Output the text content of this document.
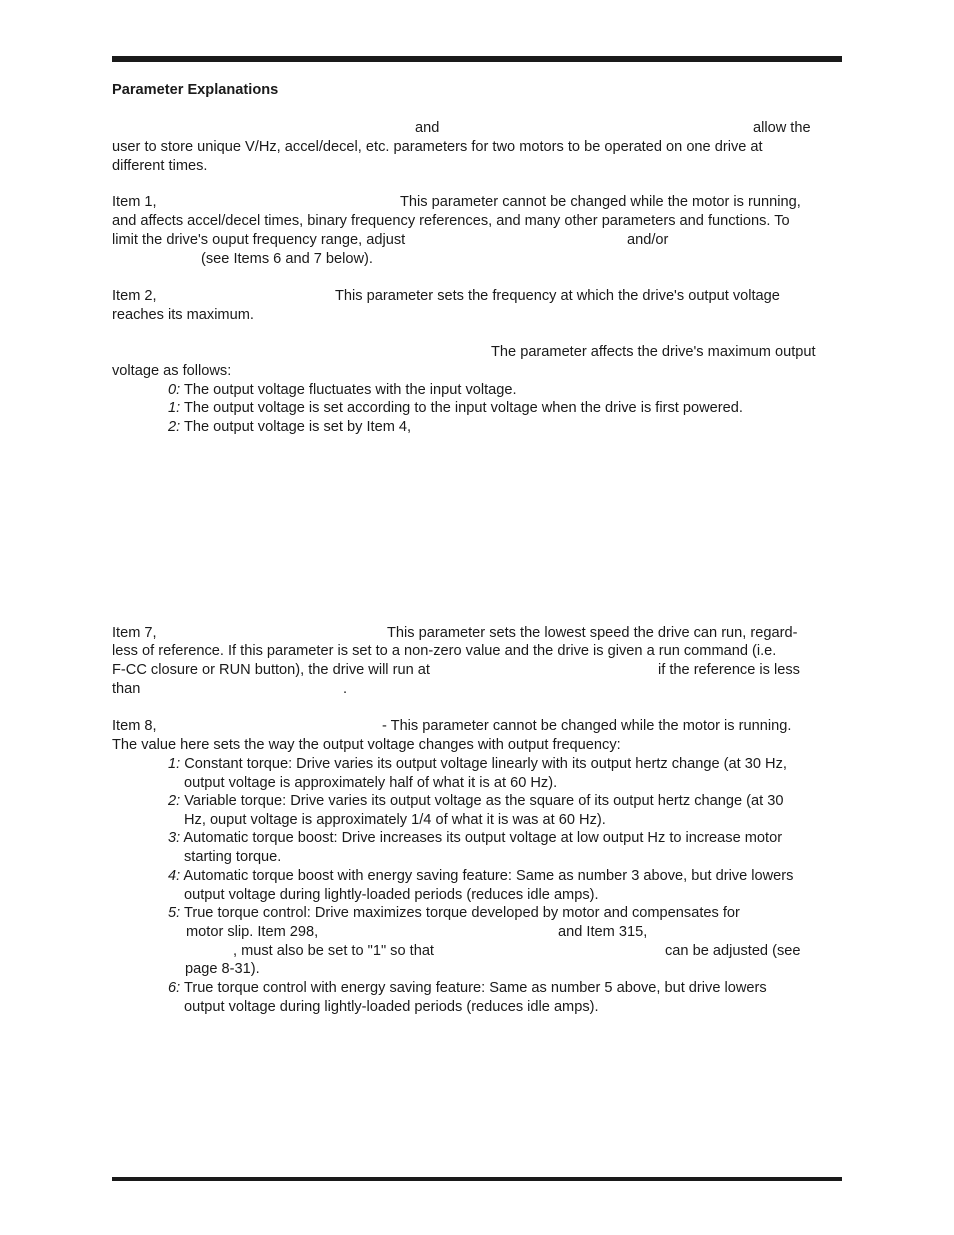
Parameter Explanations
and	allow the
user to store unique V/Hz, accel/decel, etc. parameters for two motors to be operated on one drive at
different times.
Item 1,	This parameter cannot be changed while the motor is running,
and affects accel/decel times, binary frequency references, and many other parameters and functions. To
limit the drive's ouput frequency range, adjust	and/or
(see Items 6 and 7 below).
Item 2,	This parameter sets the frequency at which the drive's output voltage
reaches its maximum.
The parameter affects the drive's maximum output
voltage as follows:
0: The output voltage fluctuates with the input voltage.
1: The output voltage is set according to the input voltage when the drive is first powered.
2: The output voltage is set by Item 4,
Item 7,	This parameter sets the lowest speed the drive can run, regard-
less of reference. If this parameter is set to a non-zero value and the drive is given a run command (i.e.
F-CC closure or RUN button), the drive will run at	if the reference is less
than	.
Item 8,	- This parameter cannot be changed while the motor is running.
The value here sets the way the output voltage changes with output frequency:
1: Constant torque: Drive varies its output voltage linearly with its output hertz change (at 30 Hz,
output voltage is approximately half of what it is at 60 Hz).
2: Variable torque: Drive varies its output voltage as the square of its output hertz change (at 30
Hz, ouput voltage is approximately 1/4 of what it is was at 60 Hz).
3: Automatic torque boost: Drive increases its output voltage at low output Hz to increase motor
starting torque.
4: Automatic torque boost with energy saving feature: Same as number 3 above, but drive lowers
output voltage during lightly-loaded periods (reduces idle amps).
5: True torque control: Drive maximizes torque developed by motor and compensates for
motor slip. Item 298,	and Item 315,
, must also be set to "1" so that	can be adjusted (see
page 8-31).
6: True torque control with energy saving feature: Same as number 5 above, but drive lowers
output voltage during lightly-loaded periods (reduces idle amps).
